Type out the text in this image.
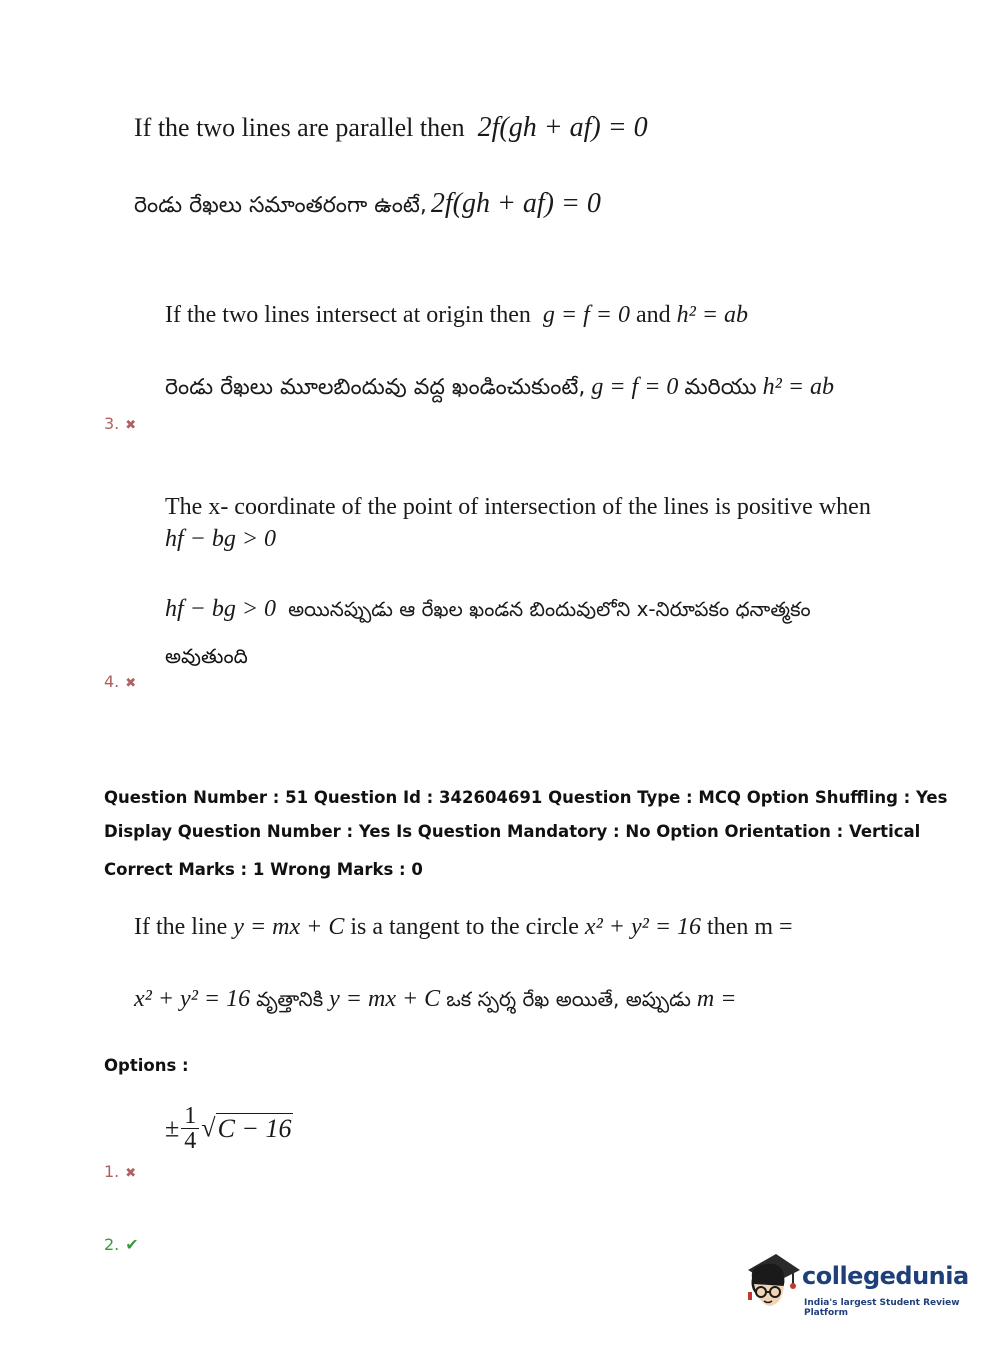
If the two lines are parallel then 2f(gh + af) = 0
రెండు రేఖలు సమాంతరంగా ఉంటే, 2f(gh + af) = 0
If the two lines intersect at origin then g = f = 0 and h² = ab
రెండు రేఖలు మూలబిందువు వద్ద ఖండించుకుంటే, g = f = 0 మరియు h² = ab
3. ✖
The x- coordinate of the point of intersection of the lines is positive when
hf − bg > 0
hf − bg > 0 అయినప్పుడు ఆ రేఖల ఖండన బిందువులోని x-నిరూపకం ధనాత్మకం
అవుతుంది
4. ✖
Question Number : 51 Question Id : 342604691 Question Type : MCQ Option Shuffling : Yes
Display Question Number : Yes Is Question Mandatory : No Option Orientation : Vertical
Correct Marks : 1 Wrong Marks : 0
If the line y = mx + C is a tangent to the circle x² + y² = 16 then m =
x² + y² = 16 వృత్తానికి y = mx + C ఒక స్పర్శ రేఖ అయితే, అప్పుడు m =
Options :
± $\frac{1}{4} √C - 16$
1. ✖
2. ✔
collegedunia
India's largest Student Review Platform
